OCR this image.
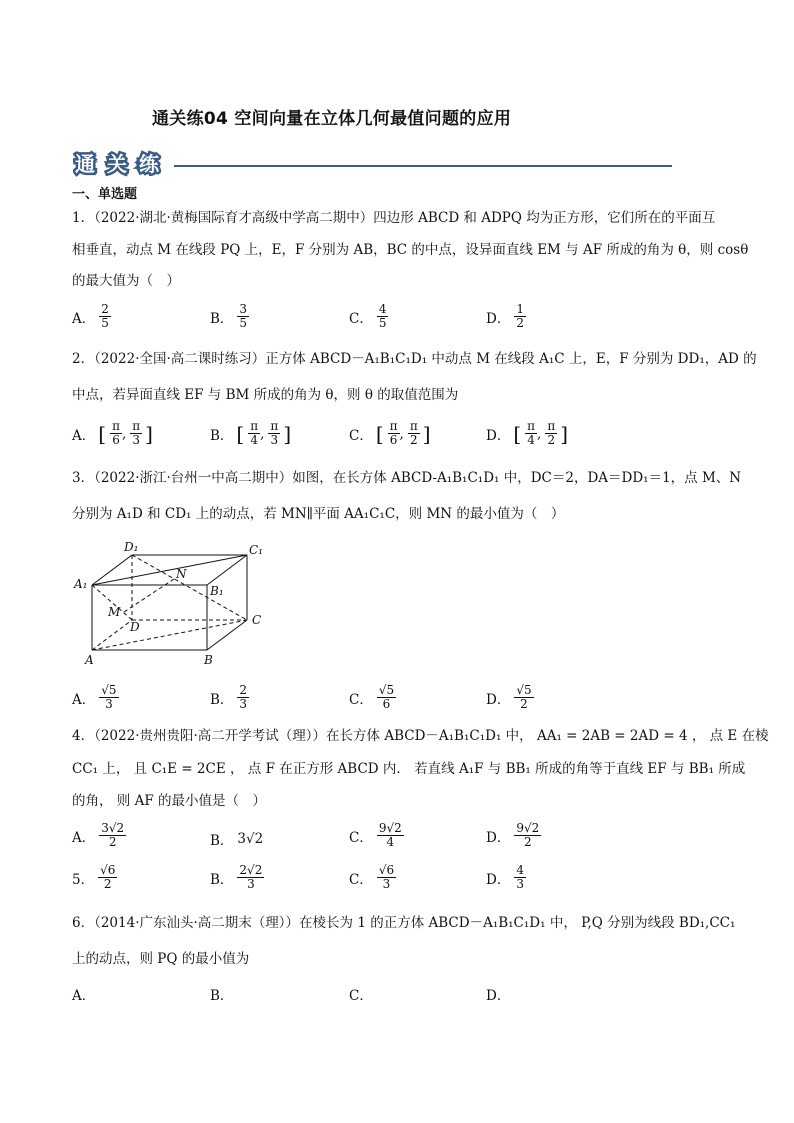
通关练04 空间向量在立体几何最值问题的应用
通 关 练
一、单选题
1．（2022·湖北·黄梅国际育才高级中学高二期中）四边形 ABCD 和 ADPQ 均为正方形，它们所在的平面互
相垂直，动点 M 在线段 PQ 上，E，F 分别为 AB，BC 的中点，设异面直线 EM 与 AF 所成的角为 θ，则 cosθ
的最大值为（　）
A． $\frac{2}{5}$	B． $\frac{3}{5}$	C． $\frac{4}{5}$	D． $\frac{1}{2}$
2．（2022·全国·高二课时练习）正方体 ABCD－A₁B₁C₁D₁ 中动点 M 在线段 A₁C 上，E，F 分别为 DD₁，AD 的
中点，若异面直线 EF 与 BM 所成的角为 θ，则 θ 的取值范围为
A． [ $\frac{\pi}{6}$ , $\frac{\pi}{3}$ ]	B． [ $\frac{\pi}{4}$ , $\frac{\pi}{3}$ ]	C． [ $\frac{\pi}{6}$ , $\frac{\pi}{2}$ ]	D． [ $\frac{\pi}{4}$ , $\frac{\pi}{2}$ ]
3．（2022·浙江·台州一中高二期中）如图，在长方体 ABCD-A₁B₁C₁D₁ 中，DC＝2，DA＝DD₁＝1，点 M、N
分别为 A₁D 和 CD₁ 上的动点，若 MN∥平面 AA₁C₁C，则 MN 的最小值为（　）
D₁	C₁
A₁	B₁
N
M
D	C
A	B
A． $\frac{√5}{3}$	B． $\frac{2}{3}$	C． $\frac{√5}{6}$	D． $\frac{√5}{2}$
4．（2022·贵州贵阳·高二开学考试（理））在长方体 ABCD－A₁B₁C₁D₁ 中， AA₁ = 2AB = 2AD = 4 ， 点 E 在棱
CC₁ 上， 且 C₁E = 2CE ， 点 F 在正方形 ABCD 内． 若直线 A₁F 与 BB₁ 所成的角等于直线 EF 与 BB₁ 所成
的角， 则 AF 的最小值是（　）
A． $\frac{3√2}{2}$	B． 3√2	C． $\frac{9√2}{4}$	D． $\frac{9√2}{2}$
5． $\frac{√6}{2}$	B． $\frac{2√2}{3}$	C． $\frac{√6}{3}$	D． $\frac{4}{3}$
6．（2014·广东汕头·高二期末（理））在棱长为 1 的正方体 ABCD－A₁B₁C₁D₁ 中， P,Q 分别为线段 BD₁,CC₁
上的动点，则 PQ 的最小值为
A．	B．	C．	D．
